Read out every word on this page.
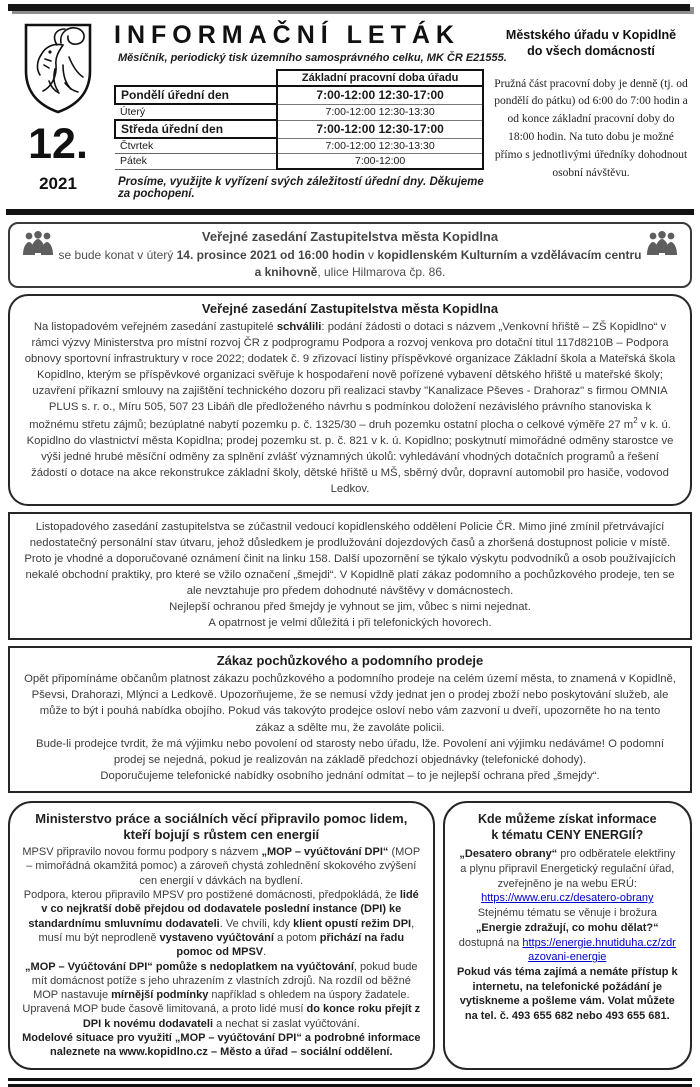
12.
2021
INFORMAČNÍ LETÁK
Měsíčník, periodický tisk územního samosprávného celku, MK ČR E21555.
	Základní pracovní doba úřadu
Pondělí úřední den	7:00-12:00 12:30-17:00
Úterý	7:00-12:00 12:30-13:30
Středa úřední den	7:00-12:00 12:30-17:00
Čtvrtek	7:00-12:00 12:30-13:30
Pátek	7:00-12:00
Prosíme, využijte k vyřízení svých záležitostí úřední dny. Děkujeme za pochopení.
Městského úřadu v Kopidlně
do všech domácností
Pružná část pracovní doby je denně (tj. od pondělí do pátku) od 6:00 do 7:00 hodin a od konce základní pracovní doby do 18:00 hodin. Na tuto dobu je možné přímo s jednotlivými úředníky dohodnout osobní návštěvu.
Veřejné zasedání Zastupitelstva města Kopidlna
se bude konat v úterý 14. prosince 2021 od 16:00 hodin v kopidlenském Kulturním a vzdělávacím centru a knihovně, ulice Hilmarova čp. 86.
Veřejné zasedání Zastupitelstva města Kopidlna
Na listopadovém veřejném zasedání zastupitelé schválili: podání žádosti o dotaci s názvem „Venkovní hřiště – ZŠ Kopidlno“ v rámci výzvy Ministerstva pro místní rozvoj ČR z podprogramu Podpora a rozvoj venkova pro dotační titul 117d8210B – Podpora obnovy sportovní infrastruktury v roce 2022; dodatek č. 9 zřizovací listiny příspěvkové organizace Základní škola a Mateřská škola Kopidlno, kterým se příspěvkové organizaci svěřuje k hospodaření nově pořízené vybavení dětského hřiště u mateřské školy; uzavření příkazní smlouvy na zajištění technického dozoru při realizaci stavby "Kanalizace Pševes - Drahoraz" s firmou OMNIA PLUS s. r. o., Míru 505, 507 23 Libáň dle předloženého návrhu s podmínkou doložení nezávislého právního stanoviska k možnému střetu zájmů; bezúplatné nabytí pozemku p. č. 1325/30 – druh pozemku ostatní plocha o celkové výměře 27 $m^2$ v k. ú. Kopidlno do vlastnictví města Kopidlna; prodej pozemku st. p. č. 821 v k. ú. Kopidlno; poskytnutí mimořádné odměny starostce ve výši jedné hrubé měsíční odměny za splnění zvlášť významných úkolů: vyhledávání vhodných dotačních programů a řešení žádostí o dotace na akce rekonstrukce základní školy, dětské hřiště u MŠ, sběrný dvůr, dopravní automobil pro hasiče, vodovod Ledkov.
Listopadového zasedání zastupitelstva se zúčastnil vedoucí kopidlenského oddělení Policie ČR. Mimo jiné zmínil přetrvávající nedostatečný personální stav útvaru, jehož důsledkem je prodlužování dojezdových časů a zhoršená dostupnost policie v místě. Proto je vhodné a doporučované oznámení činit na linku 158. Další upozornění se týkalo výskytu podvodníků a osob používajících nekalé obchodní praktiky, pro které se vžilo označení „šmejdi“. V Kopidlně platí zákaz podomního a pochůzkového prodeje, ten se ale nevztahuje pro předem dohodnuté návštěvy v domácnostech.
Nejlepší ochranou před šmejdy je vyhnout se jim, vůbec s nimi nejednat.
A opatrnost je velmi důležitá i při telefonických hovorech.
Zákaz pochůzkového a podomního prodeje
Opět připomínáme občanům platnost zákazu pochůzkového a podomního prodeje na celém území města, to znamená v Kopidlně, Pševsi, Drahorazi, Mlýnci a Ledkově. Upozorňujeme, že se nemusí vždy jednat jen o prodej zboží nebo poskytování služeb, ale může to být i pouhá nabídka obojího. Pokud vás takovýto prodejce osloví nebo vám zazvoní u dveří, upozorněte ho na tento zákaz a sdělte mu, že zavoláte policii.
Bude-li prodejce tvrdit, že má výjimku nebo povolení od starosty nebo úřadu, lže. Povolení ani výjimku nedáváme! O podomní prodej se nejedná, pokud je realizován na základě předchozí objednávky (telefonické dohody).
Doporučujeme telefonické nabídky osobního jednání odmítat – to je nejlepší ochrana před „šmejdy“.
Ministerstvo práce a sociálních věcí připravilo pomoc lidem,
kteří bojují s růstem cen energií
MPSV připravilo novou formu podpory s názvem „MOP – vyúčtování DPI“ (MOP – mimořádná okamžitá pomoc) a zároveň chystá zohlednění skokového zvýšení cen energií v dávkách na bydlení.
Podpora, kterou připravilo MPSV pro postižené domácnosti, předpokládá, že lidé v co nejkratší době přejdou od dodavatele poslední instance (DPI) ke standardnímu smluvnímu dodavateli. Ve chvíli, kdy klient opustí režim DPI, musí mu být neprodleně vystaveno vyúčtování a potom přichází na řadu pomoc od MPSV.
„MOP – Vyúčtování DPI“ pomůže s nedoplatkem na vyúčtování, pokud bude mít domácnost potíže s jeho uhrazením z vlastních zdrojů. Na rozdíl od běžné MOP nastavuje mírnější podmínky například s ohledem na úspory žadatele. Upravená MOP bude časově limitovaná, a proto lidé musí do konce roku přejít z DPI k novému dodavateli a nechat si zaslat vyúčtování.
Modelové situace pro využití „MOP – vyúčtování DPI“ a podrobné informace naleznete na www.kopidlno.cz – Město a úřad – sociální oddělení.
Kde můžeme získat informace
k tématu CENY ENERGIÍ?
„Desatero obrany“ pro odběratele elektřiny a plynu připravil Energetický regulační úřad, zveřejněno je na webu ERÚ:
https://www.eru.cz/desatero-obrany
Stejnému tématu se věnuje i brožura „Energie zdražují, co mohu dělat?“ dostupná na https://energie.hnutiduha.cz/zdrazovani-energie
Pokud vás téma zajímá a nemáte přístup k internetu, na telefonické požádání je vytiskneme a pošleme vám. Volat můžete na tel. č. 493 655 682 nebo 493 655 681.
